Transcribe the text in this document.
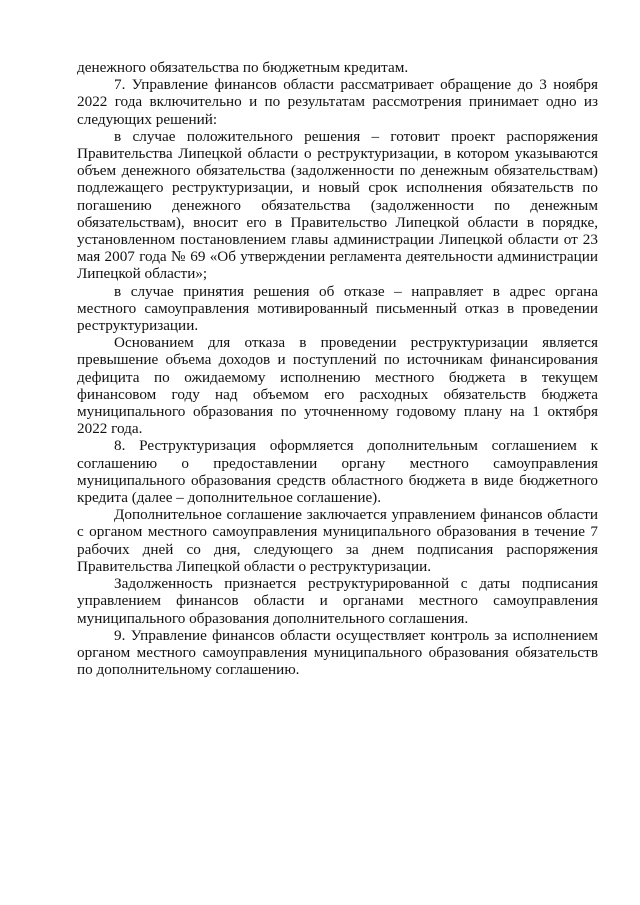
денежного обязательства по бюджетным кредитам.

7. Управление финансов области рассматривает обращение до 3 ноября 2022 года включительно и по результатам рассмотрения принимает одно из следующих решений:

в случае положительного решения – готовит проект распоряжения Правительства Липецкой области о реструктуризации, в котором указываются объем денежного обязательства (задолженности по денежным обязательствам) подлежащего реструктуризации, и новый срок исполнения обязательств по погашению денежного обязательства (задолженности по денежным обязательствам), вносит его в Правительство Липецкой области в порядке, установленном постановлением главы администрации Липецкой области от 23 мая 2007 года № 69 «Об утверждении регламента деятельности администрации Липецкой области»;

в случае принятия решения об отказе – направляет в адрес органа местного самоуправления мотивированный письменный отказ в проведении реструктуризации.

Основанием для отказа в проведении реструктуризации является превышение объема доходов и поступлений по источникам финансирования дефицита по ожидаемому исполнению местного бюджета в текущем финансовом году над объемом его расходных обязательств бюджета муниципального образования по уточненному годовому плану на 1 октября 2022 года.

8. Реструктуризация оформляется дополнительным соглашением к соглашению о предоставлении органу местного самоуправления муниципального образования средств областного бюджета в виде бюджетного кредита (далее – дополнительное соглашение).

Дополнительное соглашение заключается управлением финансов области с органом местного самоуправления муниципального образования в течение 7 рабочих дней со дня, следующего за днем подписания распоряжения Правительства Липецкой области о реструктуризации.

Задолженность признается реструктурированной с даты подписания управлением финансов области и органами местного самоуправления муниципального образования дополнительного соглашения.

9. Управление финансов области осуществляет контроль за исполнением органом местного самоуправления муниципального образования обязательств по дополнительному соглашению.
